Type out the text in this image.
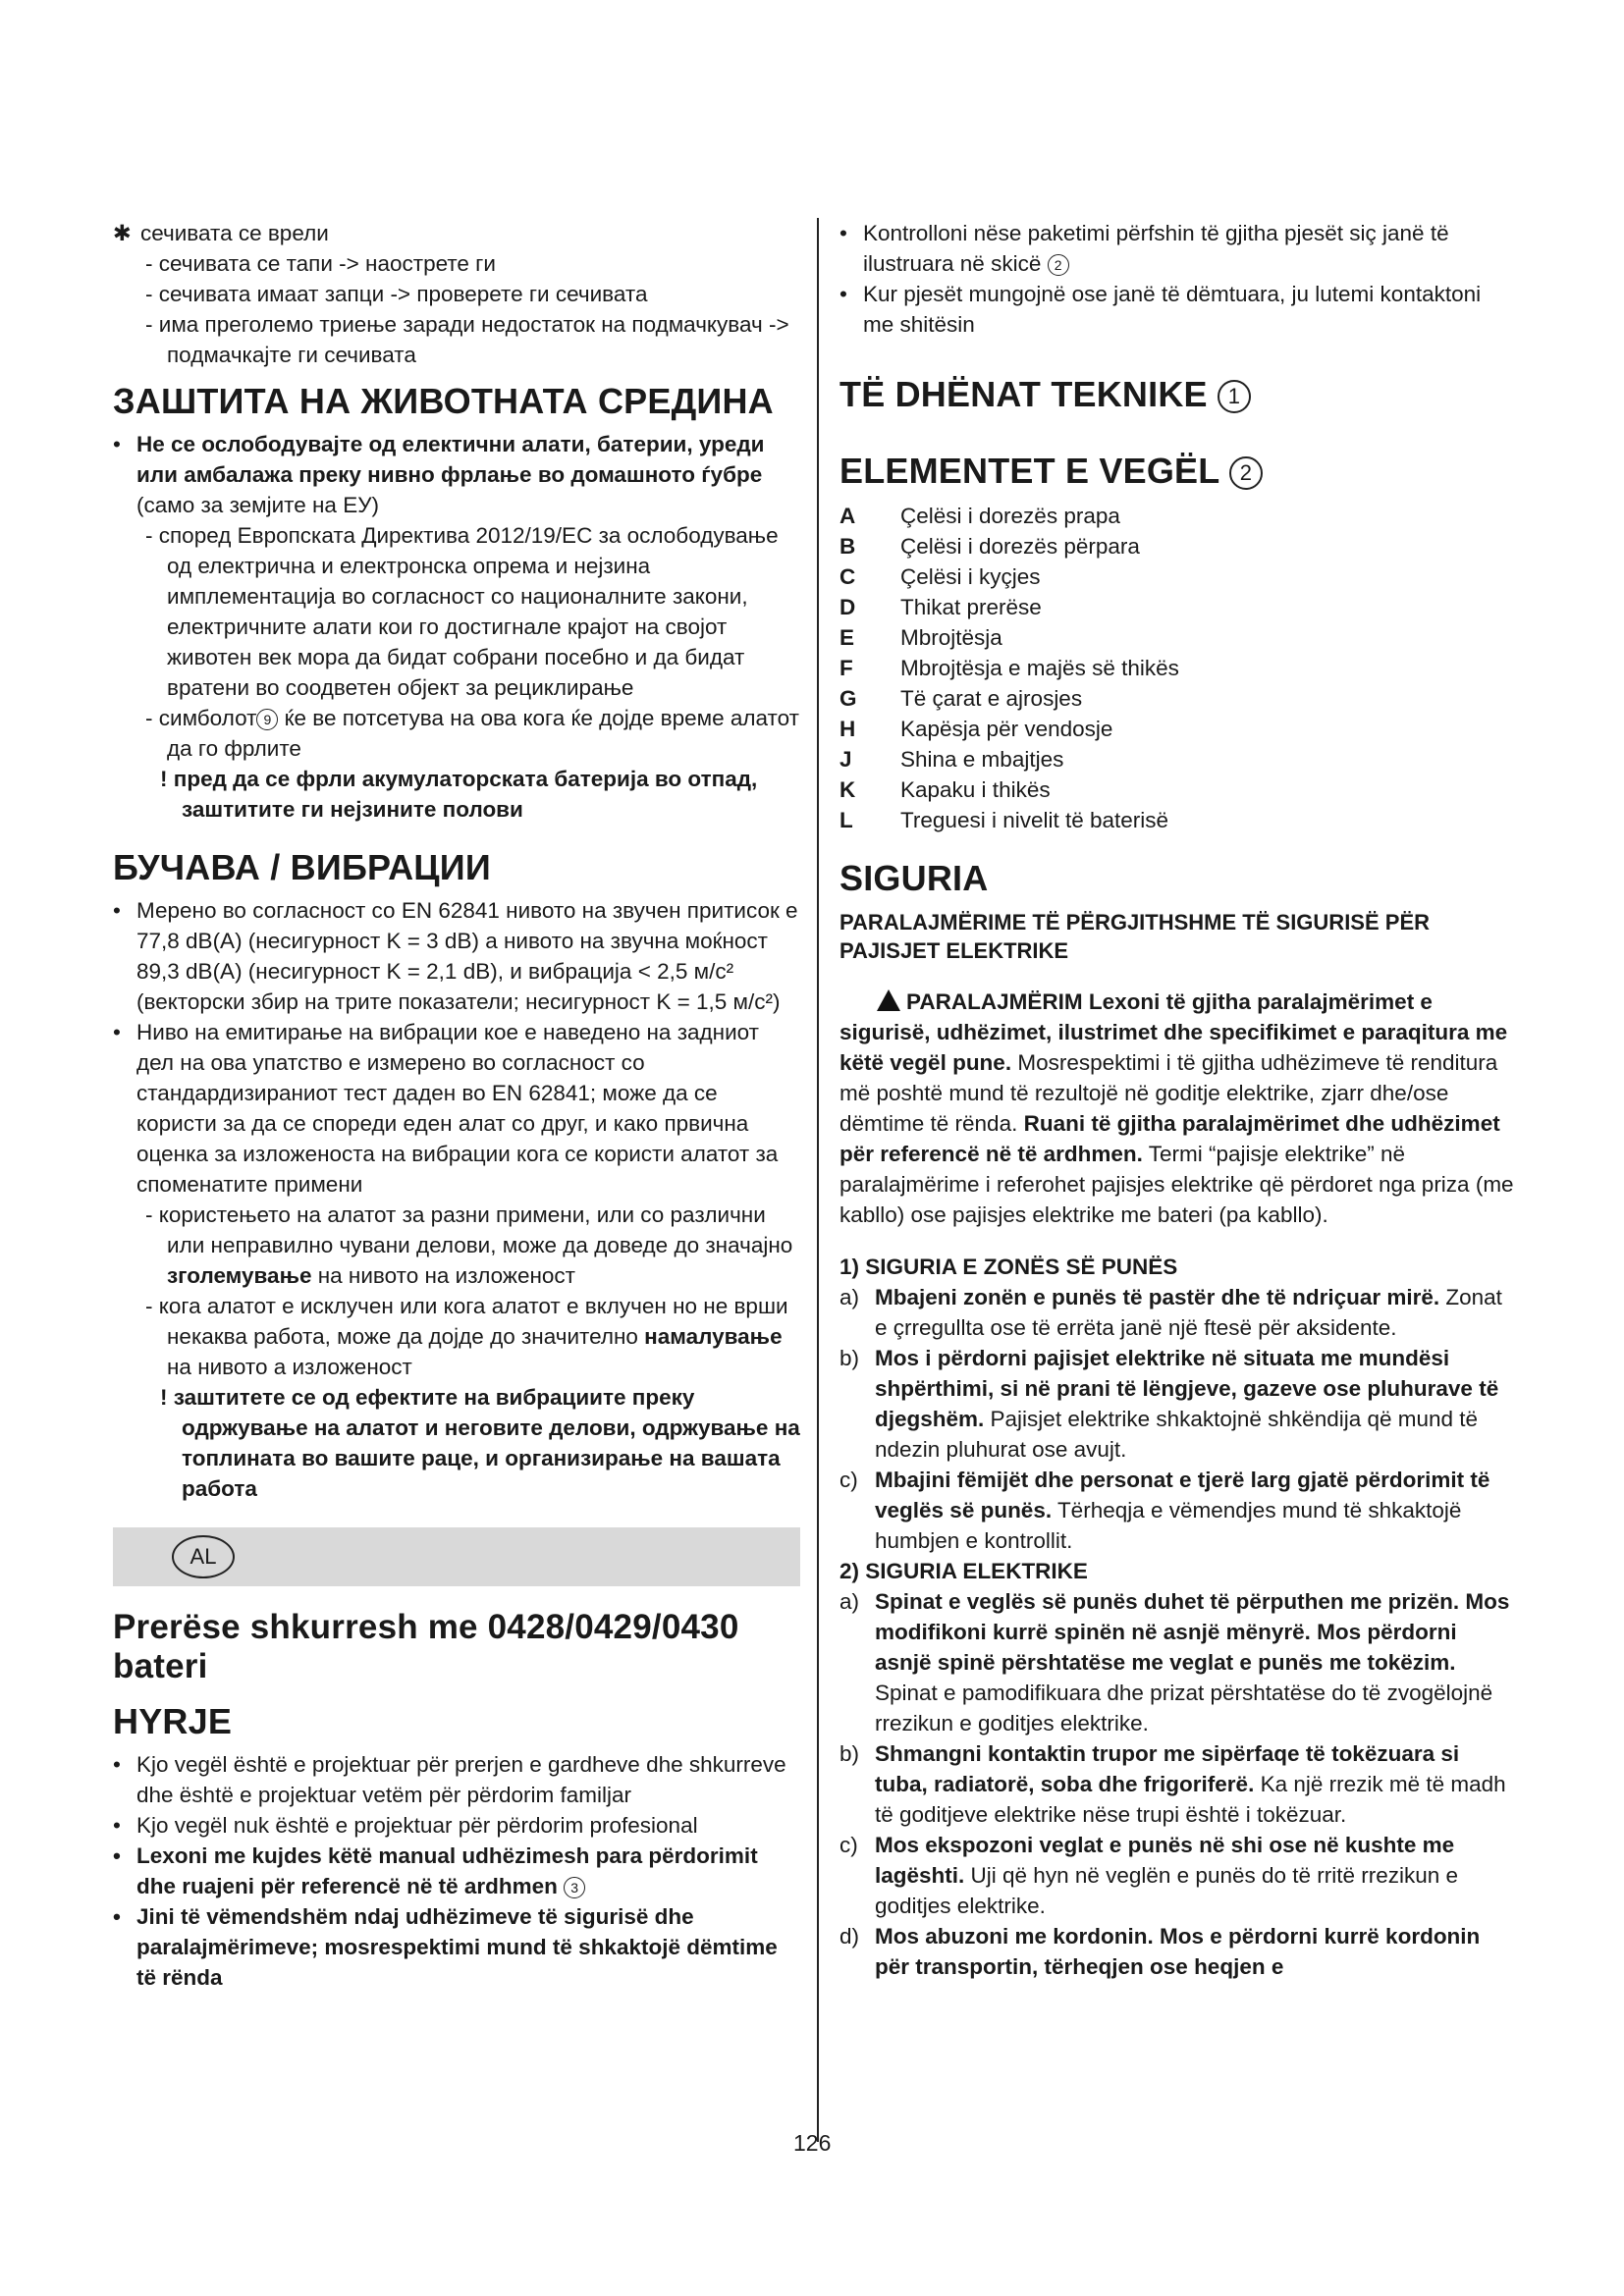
✱ сечивата се врели

- сечивата се тапи -> наострете ги

- сечивата имаат запци -> проверете ги сечивата

- има преголемо триење заради недостаток на подмачкувач -> подмачкајте ги сечивата

ЗАШТИТА НА ЖИВОТНАТА СРЕДИНА

• Не се ослободувајте од електични алати, батерии, уреди или амбалажа преку нивно фрлање во домашното ѓубре (само за земјите на ЕУ)

- според Европската Директива 2012/19/ЕС за ослободување од електрична и електронска опрема и нејзина имплементација во согласност со националните закони, електричните алати кои го достигнале крајот на својот животен век мора да бидат собрани посебно и да бидат вратени во соодветен објект за рециклирање

- симболот 9 ќе ве потсетува на ова кога ќе дојде време алатот да го фрлите

! пред да се фрли акумулаторската батерија во отпад, заштитите ги нејзините полови

БУЧАВА / ВИБРАЦИИ

• Мерено во согласност со EN 62841 нивото на звучен притисок е 77,8 dB(A) (несигурност K = 3 dB) а нивото на звучна моќност 89,3 dB(A) (несигурност K = 2,1 dB), и вибрација < 2,5 м/с² (векторски збир на трите показатели; несигурност K = 1,5 м/с²)

• Ниво на емитирање на вибрации кое е наведено на задниот дел на ова упатство е измерено во согласност со стандардизираниот тест даден во EN 62841; може да се користи за да се спореди еден алат со друг, и како првична оценка за изложеноста на вибрации кога се користи алатот за споменатите примени

- користењето на алатот за разни примени, или со различни или неправилно чувани делови, може да доведе до значајно зголемување на нивото на изложеност

- кога алатот е исклучен или кога алатот е вклучен но не врши некаква работа, може да дојде до значително намалување на нивото а изложеност

! заштитете се од ефектите на вибрациите преку одржување на алатот и неговите делови, одржување на топлината во вашите раце, и организирање на вашата работа

AL
Prerëse shkurresh me 0428/0429/0430 bateri
HYRJE

• Kjo vegël është e projektuar për prerjen e gardheve dhe shkurreve dhe është e projektuar vetëm për përdorim familjar

• Kjo vegël nuk është e projektuar për përdorim profesional

• Lexoni me kujdes këtë manual udhëzimesh para përdorimit dhe ruajeni për referencë në të ardhmen 3

• Jini të vëmendshëm ndaj udhëzimeve të sigurisë dhe paralajmërimeve; mosrespektimi mund të shkaktojë dëmtime të rënda

• Kontrolloni nëse paketimi përfshin të gjitha pjesët siç janë të ilustruara në skicë 2

• Kur pjesët mungojnë ose janë të dëmtuara, ju lutemi kontaktoni me shitësin

TË DHËNAT TEKNIKE 1
ELEMENTET E VEGËL 2
A	Çelësi i dorezës prapa
B	Çelësi i dorezës përpara
C	Çelësi i kyçjes
D	Thikat prerëse
E	Mbrojtësja
F	Mbrojtësja e majës së thikës
G	Të çarat e ajrosjes
H	Kapësja për vendosje
J	Shina e mbajtjes
K	Kapaku i thikës
L	Treguesi i nivelit të baterisë
SIGURIA

PARALAJMËRIME TË PËRGJITHSHME TË SIGURISË PËR PAJISJET ELEKTRIKE

PARALAJMËRIM Lexoni të gjitha paralajmërimet e sigurisë, udhëzimet, ilustrimet dhe specifikimet e paraqitura me këtë vegël pune. Mosrespektimi i të gjitha udhëzimeve të renditura më poshtë mund të rezultojë në goditje elektrike, zjarr dhe/ose dëmtime të rënda. Ruani të gjitha paralajmërimet dhe udhëzimet për referencë në të ardhmen. Termi “pajisje elektrike” në paralajmërime i referohet pajisjes elektrike që përdoret nga priza (me kabllo) ose pajisjes elektrike me bateri (pa kabllo).

1) SIGURIA E ZONËS SË PUNËS

a) Mbajeni zonën e punës të pastër dhe të ndriçuar mirë. Zonat e çrregullta ose të errëta janë një ftesë për aksidente.
b) Mos i përdorni pajisjet elektrike në situata me mundësi shpërthimi, si në prani të lëngjeve, gazeve ose pluhurave të djegshëm. Pajisjet elektrike shkaktojnë shkëndija që mund të ndezin pluhurat ose avujt.
c) Mbajini fëmijët dhe personat e tjerë larg gjatë përdorimit të veglës së punës. Tërheqja e vëmendjes mund të shkaktojë humbjen e kontrollit.

2) SIGURIA ELEKTRIKE

a) Spinat e veglës së punës duhet të përputhen me prizën. Mos modifikoni kurrë spinën në asnjë mënyrë. Mos përdorni asnjë spinë përshtatëse me veglat e punës me tokëzim. Spinat e pamodifikuara dhe prizat përshtatëse do të zvogëlojnë rrezikun e goditjes elektrike.
b) Shmangni kontaktin trupor me sipërfaqe të tokëzuara si tuba, radiatorë, soba dhe frigoriferë. Ka një rrezik më të madh të goditjeve elektrike nëse trupi është i tokëzuar.
c) Mos ekspozoni veglat e punës në shi ose në kushte me lagështi. Uji që hyn në veglën e punës do të rritë rrezikun e goditjes elektrike.
d) Mos abuzoni me kordonin. Mos e përdorni kurrë kordonin për transportin, tërheqjen ose heqjen e
126
